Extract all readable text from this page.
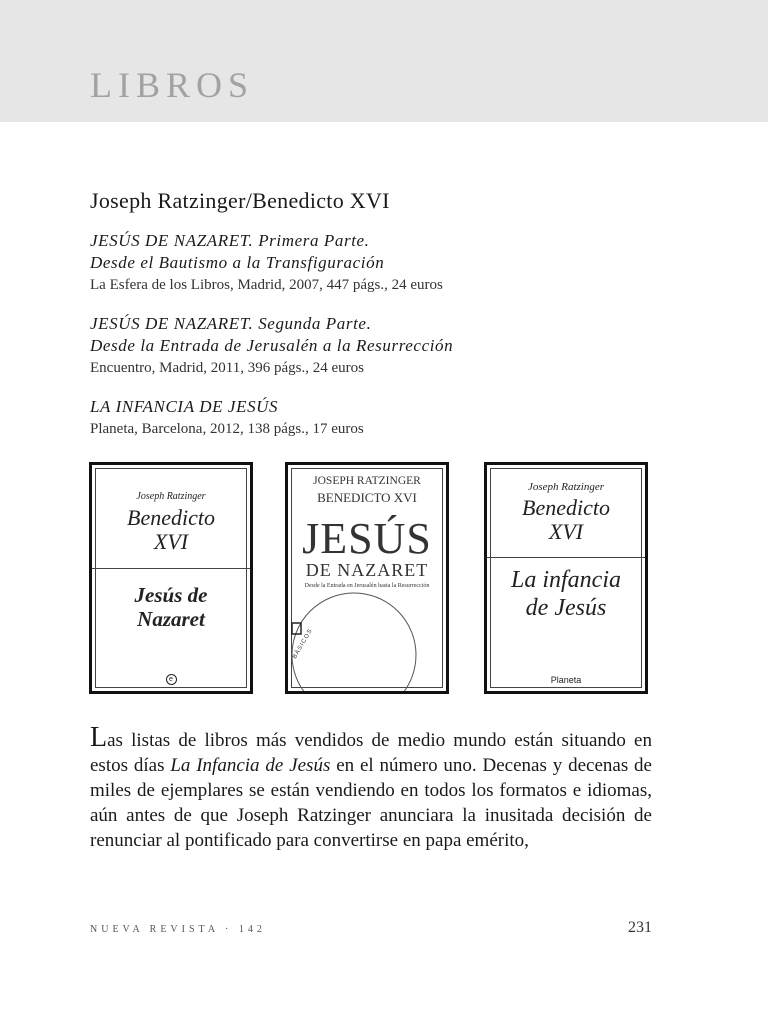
LIBROS
Joseph Ratzinger/Benedicto XVI
JESÚS DE NAZARET. Primera Parte.
Desde el Bautismo a la Transfiguración
La Esfera de los Libros, Madrid, 2007, 447 págs., 24 euros
JESÚS DE NAZARET. Segunda Parte.
Desde la Entrada de Jerusalén a la Resurrección
Encuentro, Madrid, 2011, 396 págs., 24 euros
LA INFANCIA DE JESÚS
Planeta, Barcelona, 2012, 138 págs., 17 euros
Joseph Ratzinger
Benedicto
XVI
Jesús de
Nazaret
e
JOSEPH RATZINGER
BENEDICTO XVI
JESÚS
DE NAZARET
Desde la Entrada en Jerusalén hasta la Resurrección
BÁSICOS
Joseph Ratzinger
Benedicto
XVI
La infancia
de Jesús
Planeta
Las listas de libros más vendidos de medio mundo están situando en estos días La Infancia de Jesús en el número uno. Decenas y decenas de miles de ejemplares se están vendiendo en todos los formatos e idiomas, aún antes de que Joseph Ratzinger anunciara la inusitada decisión de renunciar al pontificado para convertirse en papa emérito,
NUEVA REVISTA · 142	231
